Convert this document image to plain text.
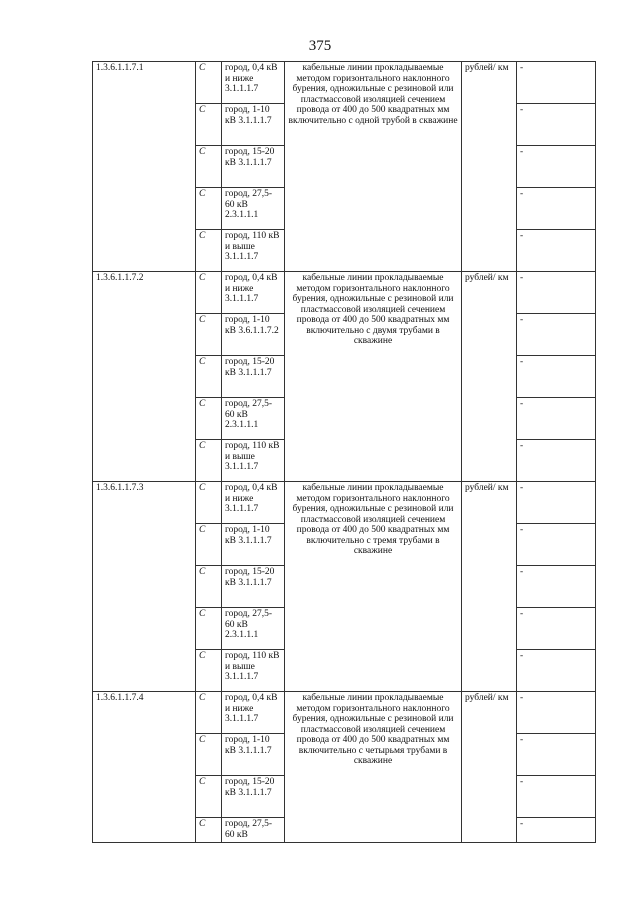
375
1.3.6.1.1.7.1	С	город, 0,4 кВ и ниже 3.1.1.1.7	кабельные линии прокладываемые методом горизонтального наклонного бурения, одножильные с резиновой или пластмассовой изоляцией сечением провода от 400 до 500 квадратных мм включительно с одной трубой в скважине	рублей/ км	-
	С	город, 1-10 кВ 3.1.1.1.7			-
	С	город, 15-20 кВ 3.1.1.1.7			-
	С	город, 27,5-60 кВ 2.3.1.1.1			-
	С	город, 110 кВ и выше 3.1.1.1.7			-
1.3.6.1.1.7.2	С	город, 0,4 кВ и ниже 3.1.1.1.7	кабельные линии прокладываемые методом горизонтального наклонного бурения, одножильные с резиновой или пластмассовой изоляцией сечением провода от 400 до 500 квадратных мм включительно с двумя трубами в скважине	рублей/ км	-
	С	город, 1-10 кВ 3.6.1.1.7.2			-
	С	город, 15-20 кВ 3.1.1.1.7			-
	С	город, 27,5-60 кВ 2.3.1.1.1			-
	С	город, 110 кВ и выше 3.1.1.1.7			-
1.3.6.1.1.7.3	С	город, 0,4 кВ и ниже 3.1.1.1.7	кабельные линии прокладываемые методом горизонтального наклонного бурения, одножильные с резиновой или пластмассовой изоляцией сечением провода от 400 до 500 квадратных мм включительно с тремя трубами в скважине	рублей/ км	-
	С	город, 1-10 кВ 3.1.1.1.7			-
	С	город, 15-20 кВ 3.1.1.1.7			-
	С	город, 27,5-60 кВ 2.3.1.1.1			-
	С	город, 110 кВ и выше 3.1.1.1.7			-
1.3.6.1.1.7.4	С	город, 0,4 кВ и ниже 3.1.1.1.7	кабельные линии прокладываемые методом горизонтального наклонного бурения, одножильные с резиновой или пластмассовой изоляцией сечением провода от 400 до 500 квадратных мм включительно с четырьмя трубами в скважине	рублей/ км	-
	С	город, 1-10 кВ 3.1.1.1.7			-
	С	город, 15-20 кВ 3.1.1.1.7			-
	С	город, 27,5-60 кВ			-
